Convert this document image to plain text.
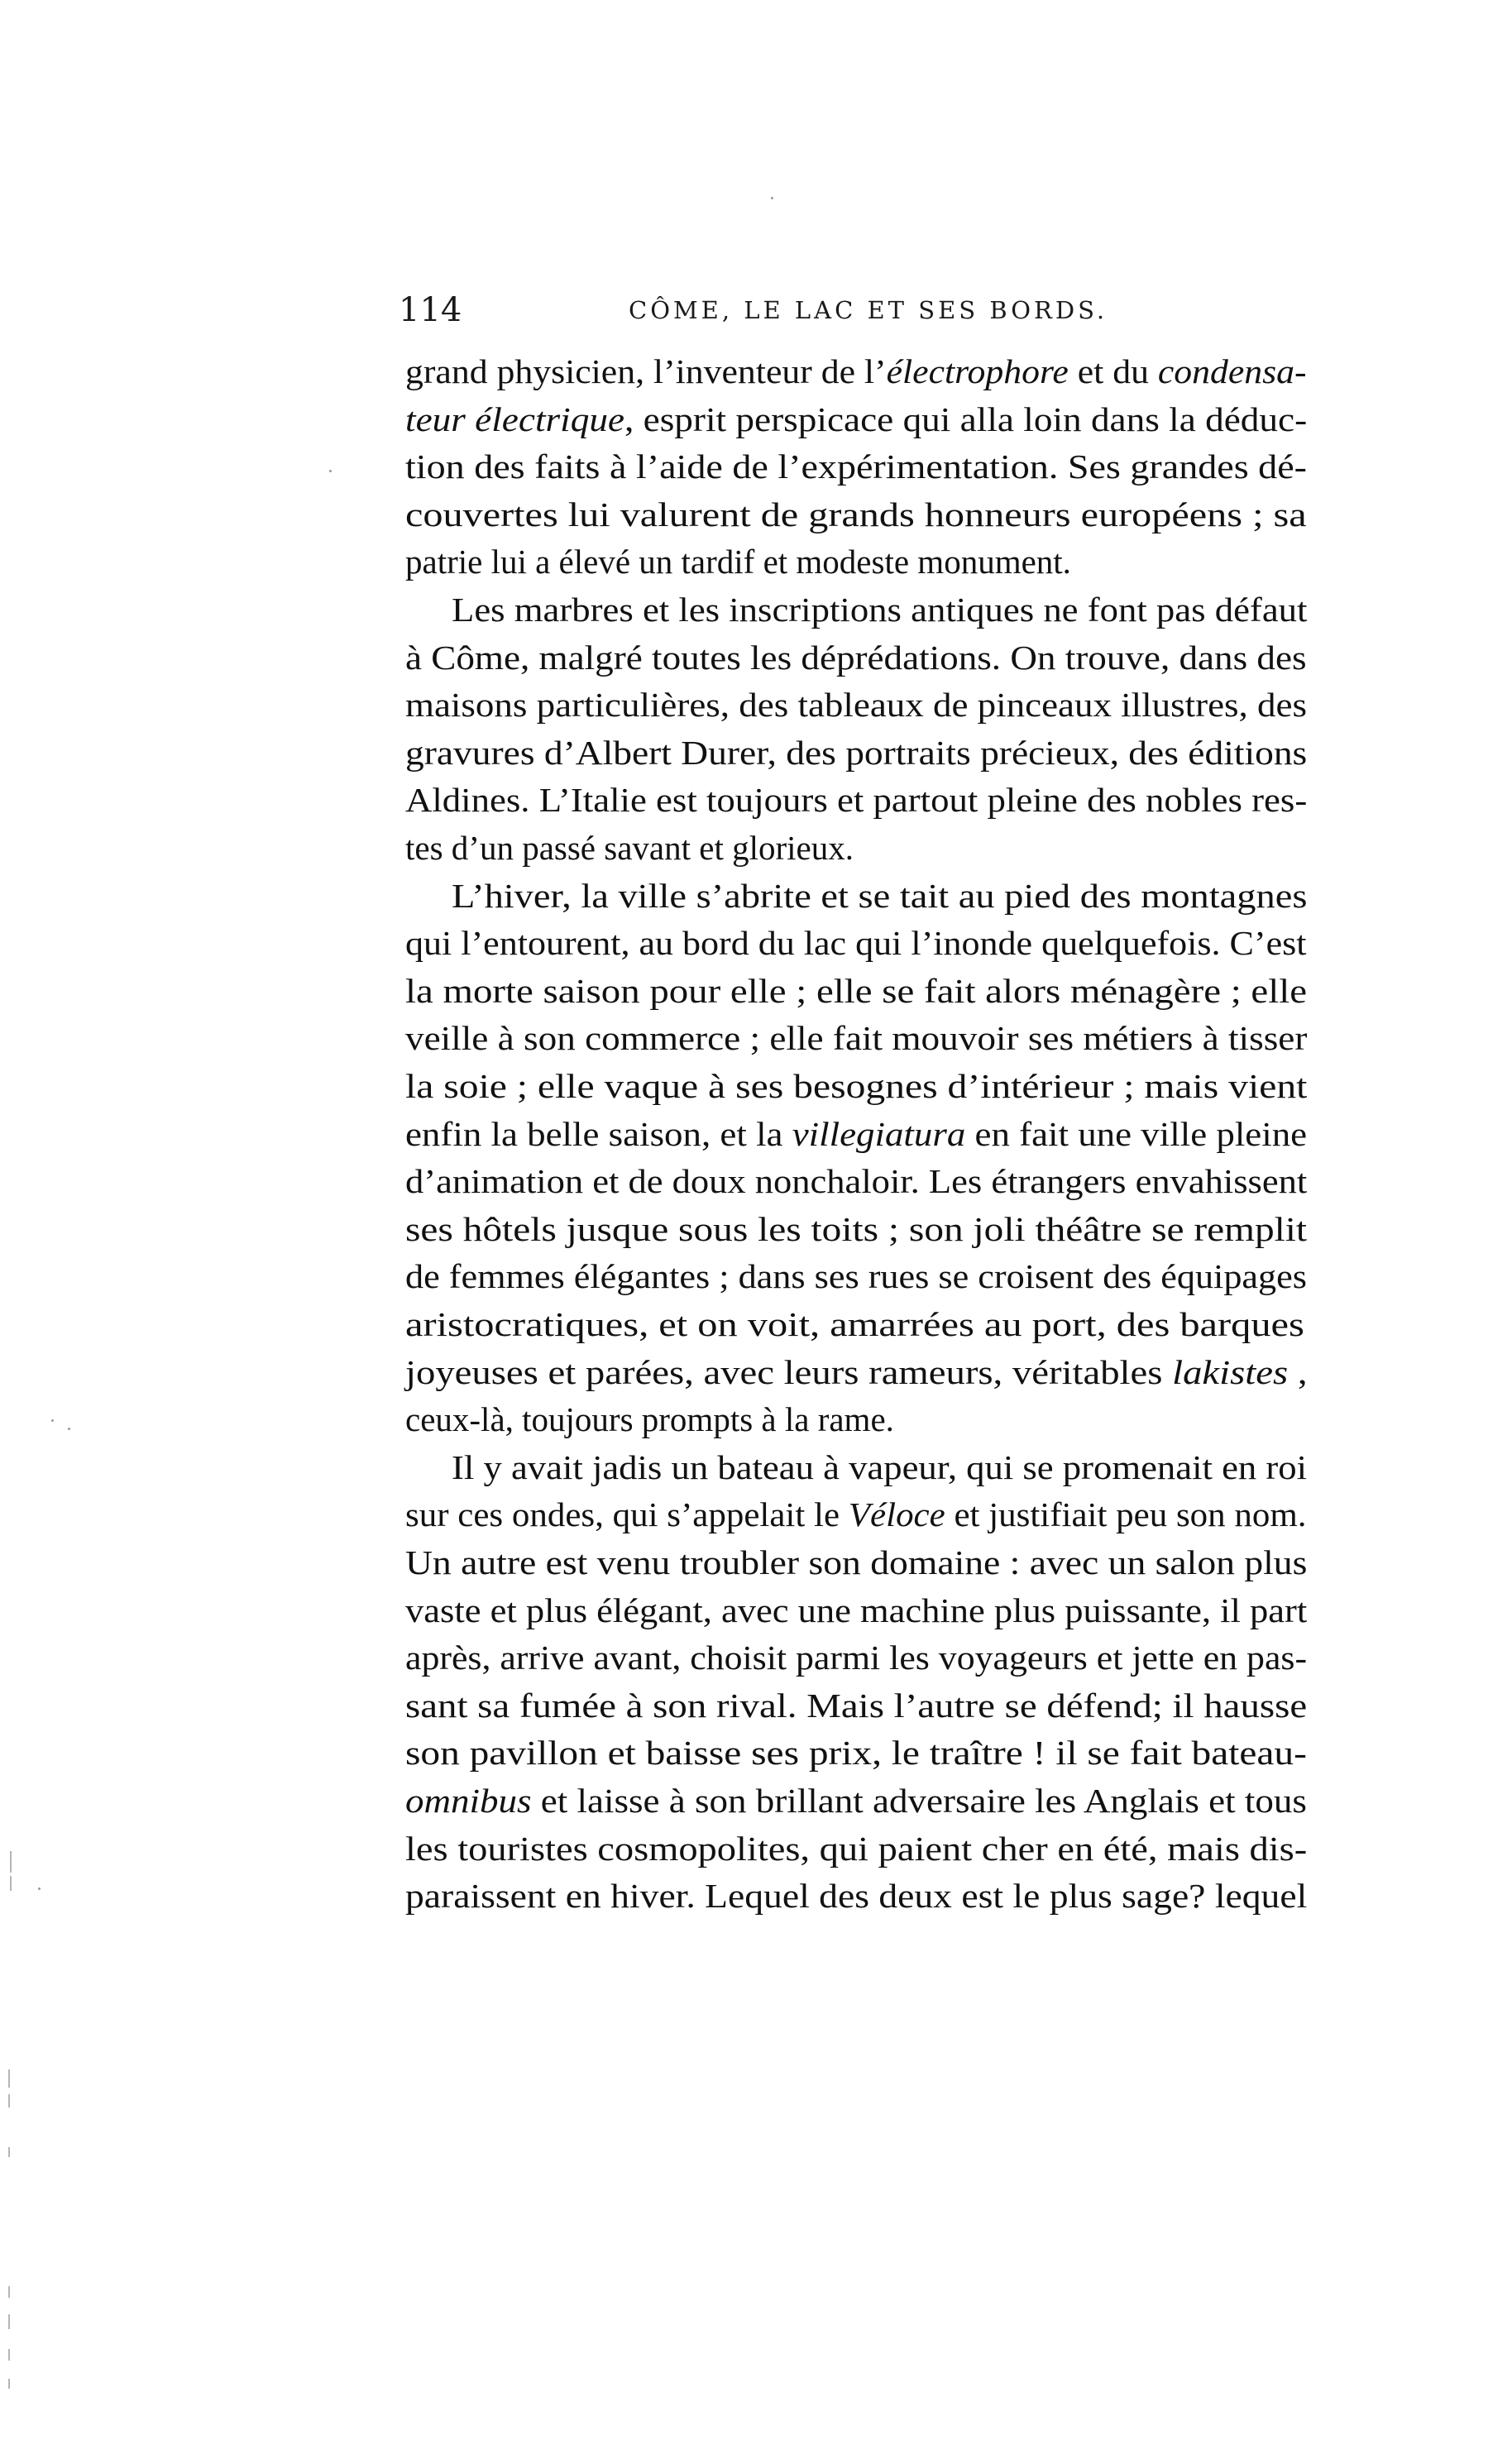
114	CÔME, LE LAC ET SES BORDS.
grand physicien, l’inventeur de l’électrophore et du condensa-
teur électrique, esprit perspicace qui alla loin dans la déduc-
tion des faits à l’aide de l’expérimentation. Ses grandes dé-
couvertes lui valurent de grands honneurs européens ; sa
patrie lui a élevé un tardif et modeste monument.
Les marbres et les inscriptions antiques ne font pas défaut
à Côme, malgré toutes les déprédations. On trouve, dans des
maisons particulières, des tableaux de pinceaux illustres, des
gravures d’Albert Durer, des portraits précieux, des éditions
Aldines. L’Italie est toujours et partout pleine des nobles res-
tes d’un passé savant et glorieux.
L’hiver, la ville s’abrite et se tait au pied des montagnes
qui l’entourent, au bord du lac qui l’inonde quelquefois. C’est
la morte saison pour elle ; elle se fait alors ménagère ; elle
veille à son commerce ; elle fait mouvoir ses métiers à tisser
la soie ; elle vaque à ses besognes d’intérieur ; mais vient
enfin la belle saison, et la villegiatura en fait une ville pleine
d’animation et de doux nonchaloir. Les étrangers envahissent
ses hôtels jusque sous les toits ; son joli théâtre se remplit
de femmes élégantes ; dans ses rues se croisent des équipages
aristocratiques, et on voit, amarrées au port, des barques
joyeuses et parées, avec leurs rameurs, véritables lakistes ,
ceux-là, toujours prompts à la rame.
Il y avait jadis un bateau à vapeur, qui se promenait en roi
sur ces ondes, qui s’appelait le Véloce et justifiait peu son nom.
Un autre est venu troubler son domaine : avec un salon plus
vaste et plus élégant, avec une machine plus puissante, il part
après, arrive avant, choisit parmi les voyageurs et jette en pas-
sant sa fumée à son rival. Mais l’autre se défend; il hausse
son pavillon et baisse ses prix, le traître ! il se fait bateau-
omnibus et laisse à son brillant adversaire les Anglais et tous
les touristes cosmopolites, qui paient cher en été, mais dis-
paraissent en hiver. Lequel des deux est le plus sage? lequel
